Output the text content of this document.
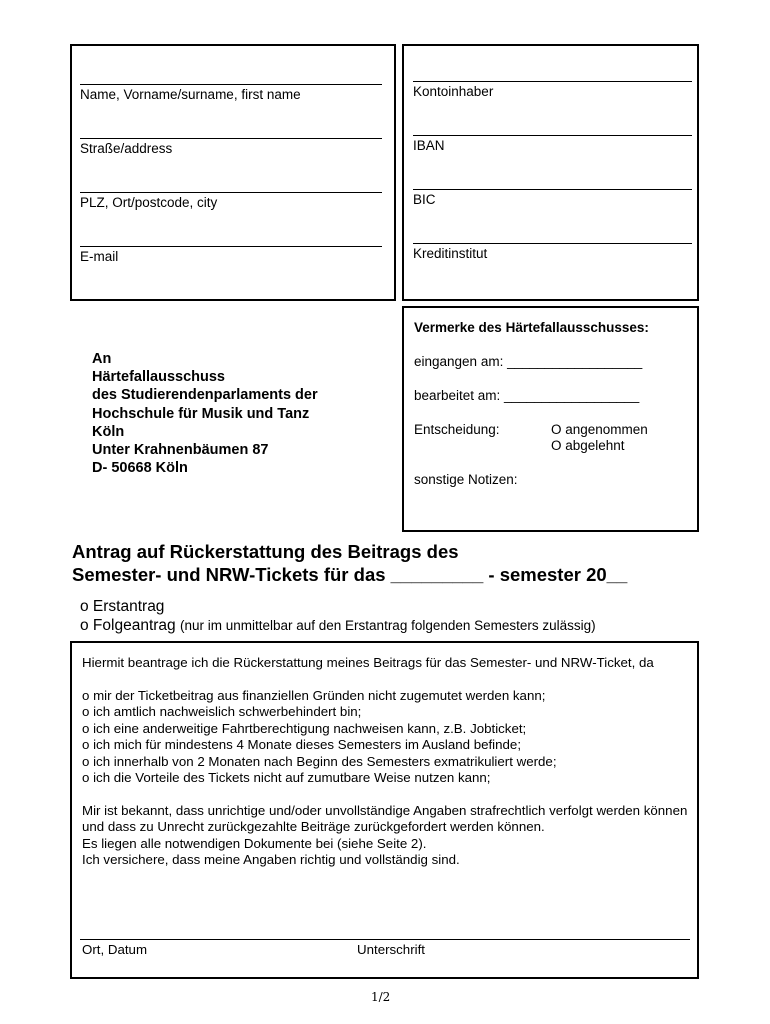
Name, Vorname/surname, first name
Straße/address
PLZ, Ort/postcode, city
E-mail
Kontoinhaber
IBAN
BIC
Kreditinstitut
An
Härtefallausschuss
des Studierendenparlaments der
Hochschule für Musik und Tanz
Köln
Unter Krahnenbäumen 87
D- 50668 Köln
Vermerke des Härtefallausschusses:
eingangen am: __________________
bearbeitet am: __________________
Entscheidung:	O angenommen
O abgelehnt
sonstige Notizen:
Antrag auf Rückerstattung des Beitrags des
Semester- und NRW-Tickets für das _________ - semester 20__
o Erstantrag
o Folgeantrag (nur im unmittelbar auf den Erstantrag folgenden Semesters zulässig)

Hiermit beantrage ich die Rückerstattung meines Beitrags für das Semester- und NRW-Ticket, da

o mir der Ticketbeitrag aus finanziellen Gründen nicht zugemutet werden kann;

o ich amtlich nachweislich schwerbehindert bin;

o ich eine anderweitige Fahrtberechtigung nachweisen kann, z.B. Jobticket;

o ich mich für mindestens 4 Monate dieses Semesters im Ausland befinde;

o ich innerhalb von 2 Monaten nach Beginn des Semesters exmatrikuliert werde;

o ich die Vorteile des Tickets nicht auf zumutbare Weise nutzen kann;

Mir ist bekannt, dass unrichtige und/oder unvollständige Angaben strafrechtlich verfolgt werden können und dass zu Unrecht zurückgezahlte Beiträge zurückgefordert werden können.

Es liegen alle notwendigen Dokumente bei (siehe Seite 2).

Ich versichere, dass meine Angaben richtig und vollständig sind.

Ort, Datum	Unterschrift
1/2
